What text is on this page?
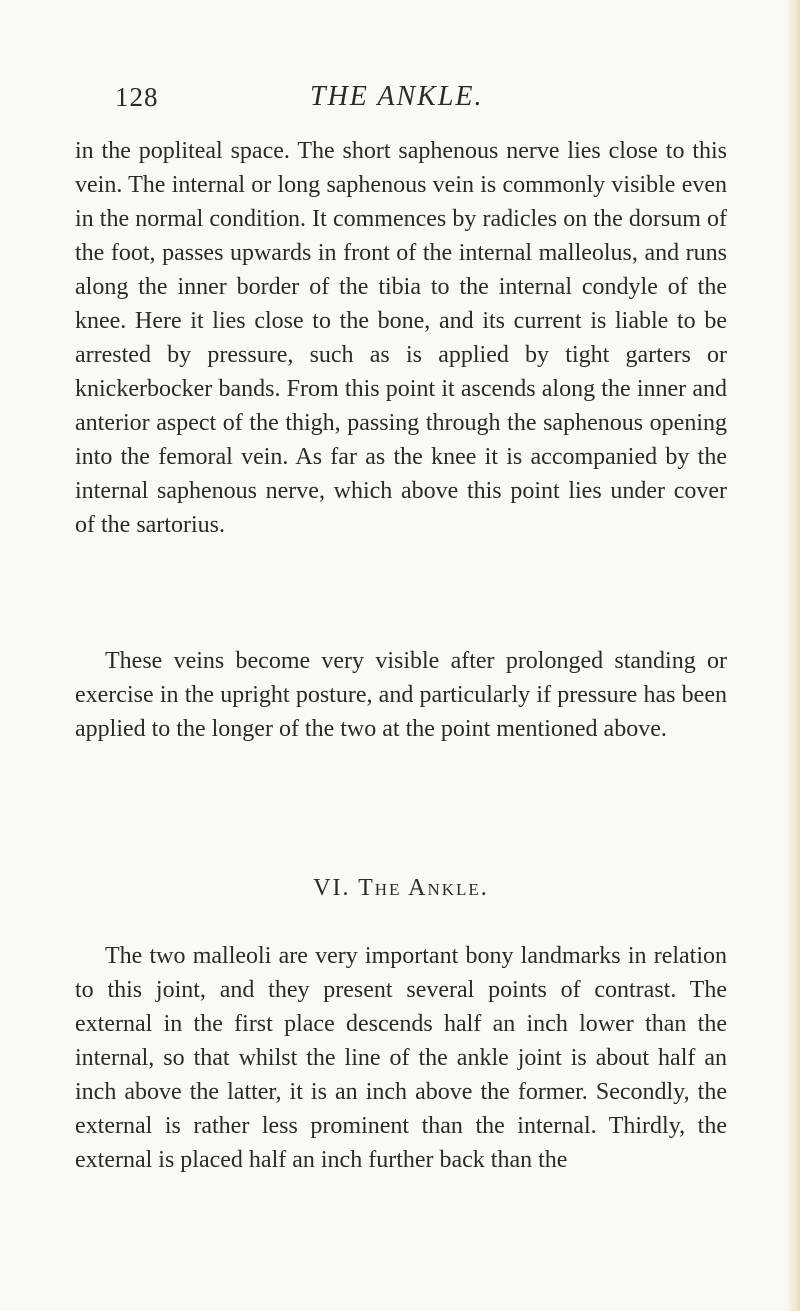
128	THE ANKLE.

in the popliteal space. The short saphenous nerve lies close to this vein. The internal or long saphenous vein is commonly visible even in the normal condition. It commences by radicles on the dorsum of the foot, passes upwards in front of the internal malleolus, and runs along the inner border of the tibia to the internal condyle of the knee. Here it lies close to the bone, and its current is liable to be arrested by pressure, such as is applied by tight garters or knickerbocker bands. From this point it ascends along the inner and anterior aspect of the thigh, passing through the saphenous opening into the femoral vein. As far as the knee it is accompanied by the internal saphenous nerve, which above this point lies under cover of the sartorius.

These veins become very visible after prolonged standing or exercise in the upright posture, and particularly if pressure has been applied to the longer of the two at the point mentioned above.

VI. The Ankle.

The two malleoli are very important bony landmarks in relation to this joint, and they present several points of contrast. The external in the first place descends half an inch lower than the internal, so that whilst the line of the ankle joint is about half an inch above the latter, it is an inch above the former. Secondly, the external is rather less prominent than the internal. Thirdly, the external is placed half an inch further back than the
